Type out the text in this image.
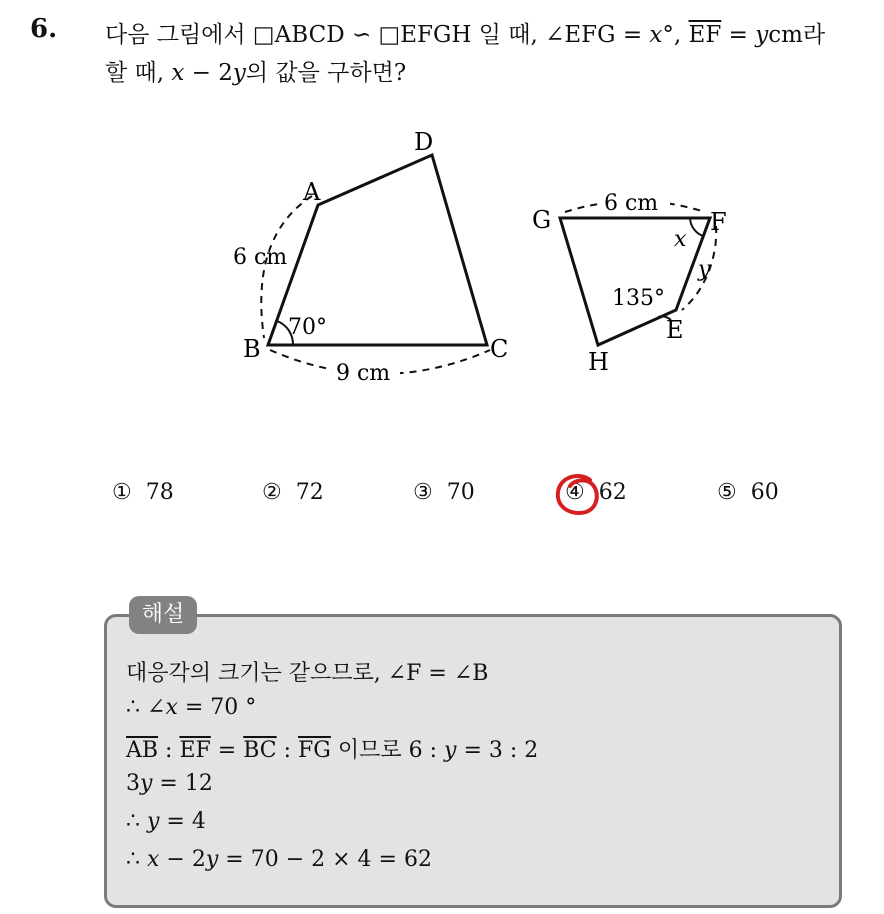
6. 다음 그림에서 □ABCD ∽ □EFGH 일 때, ∠EFG = x°, $\overline{EF}$ = ycm라
할 때, x − 2y의 값을 구하면?
A
D
B	C
6 cm
9 cm
70°
6 cm
G	F
E
H
x
y
135°
① 78	② 72	③ 70	④ 62	⑤ 60
해설
대응각의 크기는 같으므로, ∠F = ∠B
∴ ∠x = 70 °
$\overline{AB}$ : $\overline{EF} = \overline{BC}$ : $\overline{FG}$ 이므로 6 : y = 3 : 2
3y = 12
∴ y = 4
∴ x − 2y = 70 − 2 × 4 = 62
